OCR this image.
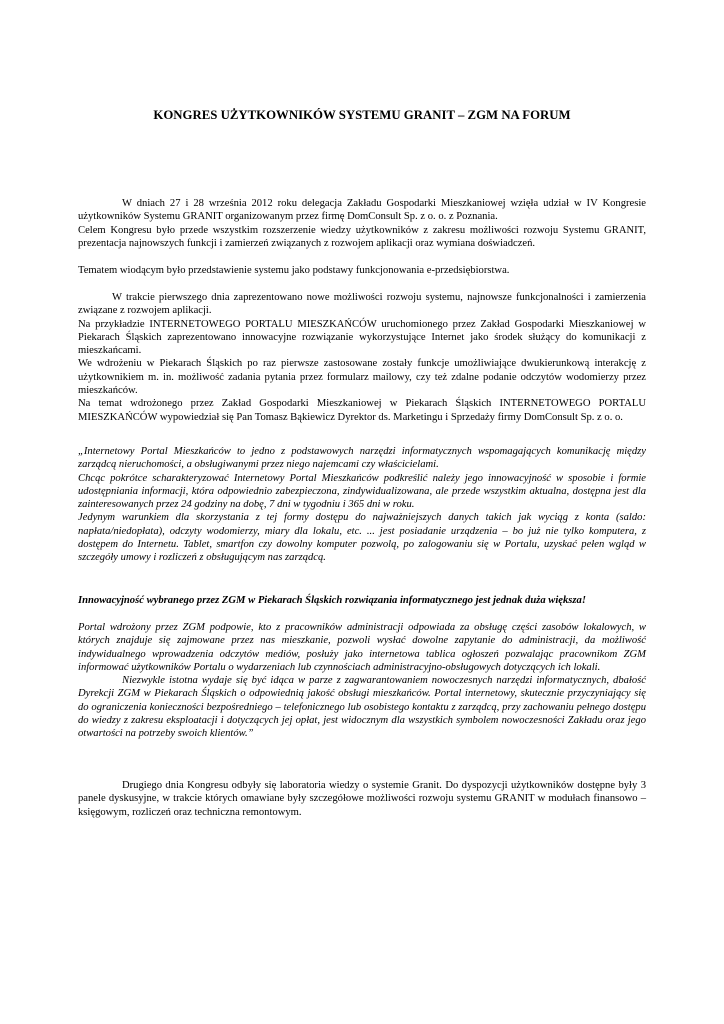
KONGRES UŻYTKOWNIKÓW SYSTEMU GRANIT – ZGM NA FORUM

W dniach 27 i 28 września 2012 roku delegacja Zakładu Gospodarki Mieszkaniowej wzięła udział w IV Kongresie użytkowników Systemu GRANIT organizowanym przez firmę DomConsult Sp. z o. o. z Poznania.

Celem Kongresu było przede wszystkim rozszerzenie wiedzy użytkowników z zakresu możliwości rozwoju Systemu GRANIT, prezentacja najnowszych funkcji i zamierzeń związanych z rozwojem aplikacji oraz wymiana doświadczeń.

Tematem wiodącym było przedstawienie systemu jako podstawy funkcjonowania e-przedsiębiorstwa.

W trakcie pierwszego dnia zaprezentowano nowe możliwości rozwoju systemu, najnowsze funkcjonalności i zamierzenia związane z rozwojem aplikacji.

Na przykładzie INTERNETOWEGO PORTALU MIESZKAŃCÓW uruchomionego przez Zakład Gospodarki Mieszkaniowej w Piekarach Śląskich zaprezentowano innowacyjne rozwiązanie wykorzystujące Internet jako środek służący do komunikacji z mieszkańcami.

We wdrożeniu w Piekarach Śląskich po raz pierwsze zastosowane zostały funkcje umożliwiające dwukierunkową interakcję z użytkownikiem m. in. możliwość zadania pytania przez formularz mailowy, czy też zdalne podanie odczytów wodomierzy przez mieszkańców.

Na temat wdrożonego przez Zakład Gospodarki Mieszkaniowej w Piekarach Śląskich INTERNETOWEGO PORTALU MIESZKAŃCÓW wypowiedział się Pan Tomasz Bąkiewicz Dyrektor ds. Marketingu i Sprzedaży firmy DomConsult Sp. z o. o.

„Internetowy Portal Mieszkańców to jedno z podstawowych narzędzi informatycznych wspomagających komunikację między zarządcą nieruchomości, a obsługiwanymi przez niego najemcami czy właścicielami.

Chcąc pokrótce scharakteryzować Internetowy Portal Mieszkańców podkreślić należy jego innowacyjność w sposobie i formie udostępniania informacji, która odpowiednio zabezpieczona, zindywidualizowana, ale przede wszystkim aktualna, dostępna jest dla zainteresowanych przez 24 godziny na dobę, 7 dni w tygodniu i 365 dni w roku.

Jedynym warunkiem dla skorzystania z tej formy dostępu do najważniejszych danych takich jak wyciąg z konta (saldo: napłata/niedopłata), odczyty wodomierzy, miary dla lokalu, etc. ... jest posiadanie urządzenia – bo już nie tylko komputera, z dostępem do Internetu. Tablet, smartfon czy dowolny komputer pozwolą, po zalogowaniu się w Portalu, uzyskać pełen wgląd w szczegóły umowy i rozliczeń z obsługującym nas zarządcą.

Innowacyjność wybranego przez ZGM w Piekarach Śląskich rozwiązania informatycznego jest jednak duża większa!

Portal wdrożony przez ZGM podpowie, kto z pracowników administracji odpowiada za obsługę części zasobów lokalowych, w których znajduje się zajmowane przez nas mieszkanie, pozwoli wysłać dowolne zapytanie do administracji, da możliwość indywidualnego wprowadzenia odczytów mediów, posłuży jako internetowa tablica ogłoszeń pozwalając pracownikom ZGM informować użytkowników Portalu o wydarzeniach lub czynnościach administracyjno-obsługowych dotyczących ich lokali.

Niezwykle istotna wydaje się być idąca w parze z zagwarantowaniem nowoczesnych narzędzi informatycznych, dbałość Dyrekcji ZGM w Piekarach Śląskich o odpowiednią jakość obsługi mieszkańców. Portal internetowy, skutecznie przyczyniający się do ograniczenia konieczności bezpośredniego – telefonicznego lub osobistego kontaktu z zarządcą, przy zachowaniu pełnego dostępu do wiedzy z zakresu eksploatacji i dotyczących jej opłat, jest widocznym dla wszystkich symbolem nowoczesności Zakładu oraz jego otwartości na potrzeby swoich klientów.”

Drugiego dnia Kongresu odbyły się laboratoria wiedzy o systemie Granit. Do dyspozycji użytkowników dostępne były 3 panele dyskusyjne, w trakcie których omawiane były szczegółowe możliwości rozwoju systemu GRANIT w modułach finansowo –księgowym, rozliczeń oraz techniczna remontowym.
